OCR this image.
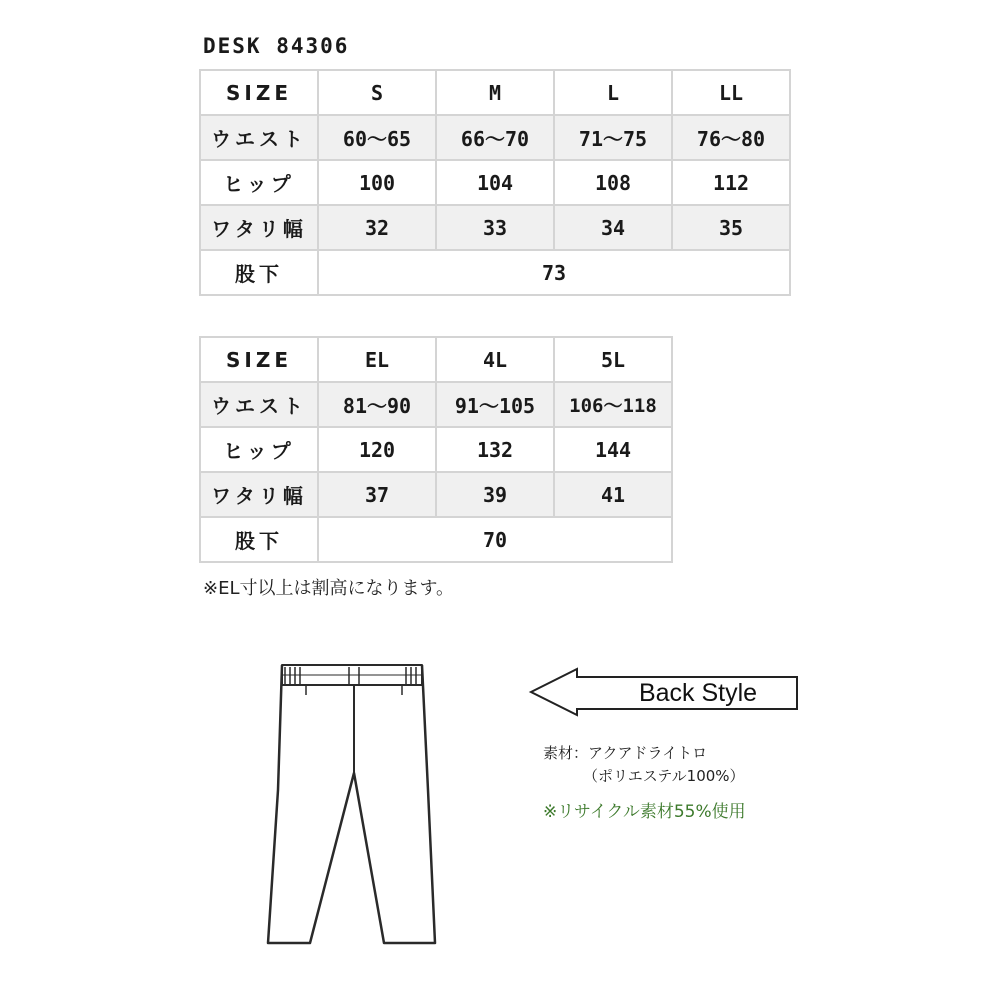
DESK 84306
SIZE	S	M	L	LL
ウエスト	60～65	66～70	71～75	76～80
ヒップ	100	104	108	112
ワタリ幅	32	33	34	35
股下	73			
SIZE	EL	4L	5L
ウエスト	81～90	91～105	106～118
ヒップ	120	132	144
ワタリ幅	37	39	41
股下	70		
※EL寸以上は割高になります。
Back Style
素材：アクアドライトロ
（ポリエステル100%）
※リサイクル素材55%使用
